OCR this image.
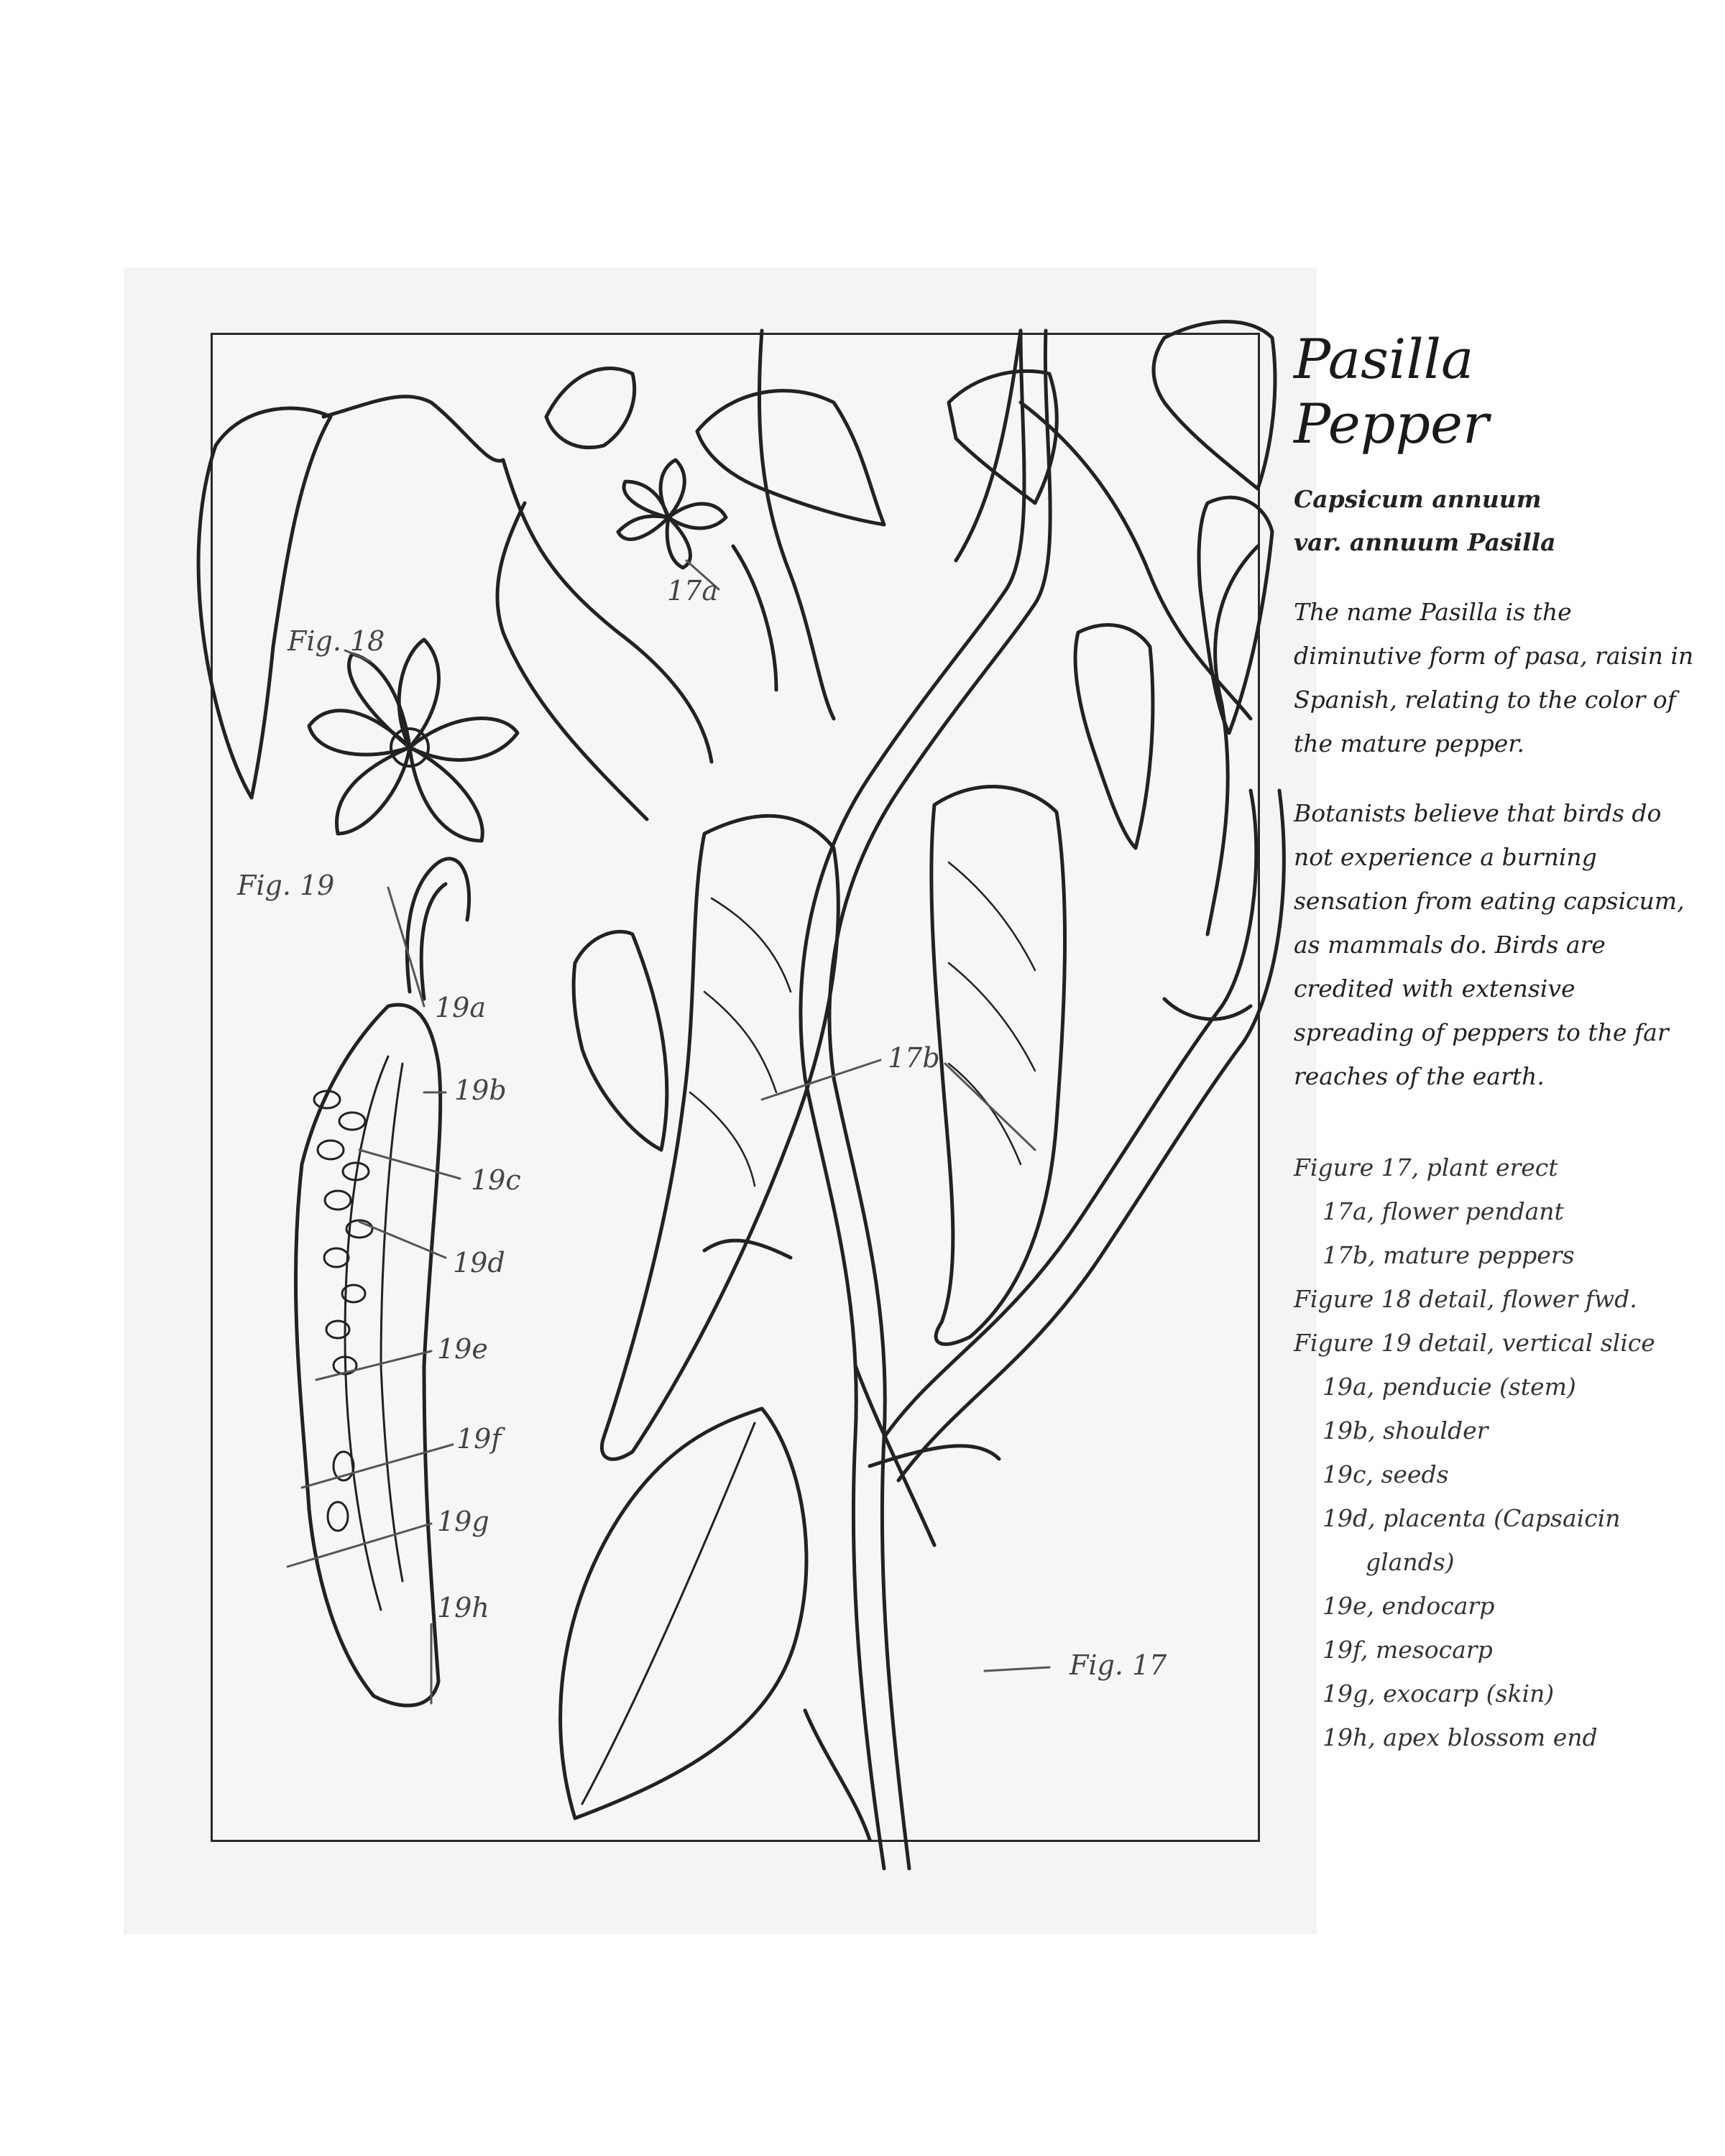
Fig. 18
17a
Fig. 19
17b
19a
19b
19c
19d
19e
19f
19g
19h
Fig. 17
Pasilla
Pepper

Capsicum annuum
var. annuum Pasilla

The name Pasilla is the diminutive form of pasa, raisin in Spanish, relating to the color of the mature pepper.

Botanists believe that birds do not experience a burning sensation from eating capsicum, as mammals do. Birds are credited with extensive spreading of peppers to the far reaches of the earth.

Figure 17, plant erect
17a, flower pendant
17b, mature peppers
Figure 18 detail, flower fwd.
Figure 19 detail, vertical slice
19a, penducie (stem)
19b, shoulder
19c, seeds
19d, placenta (Capsaicin
glands)
19e, endocarp
19f, mesocarp
19g, exocarp (skin)
19h, apex blossom end
